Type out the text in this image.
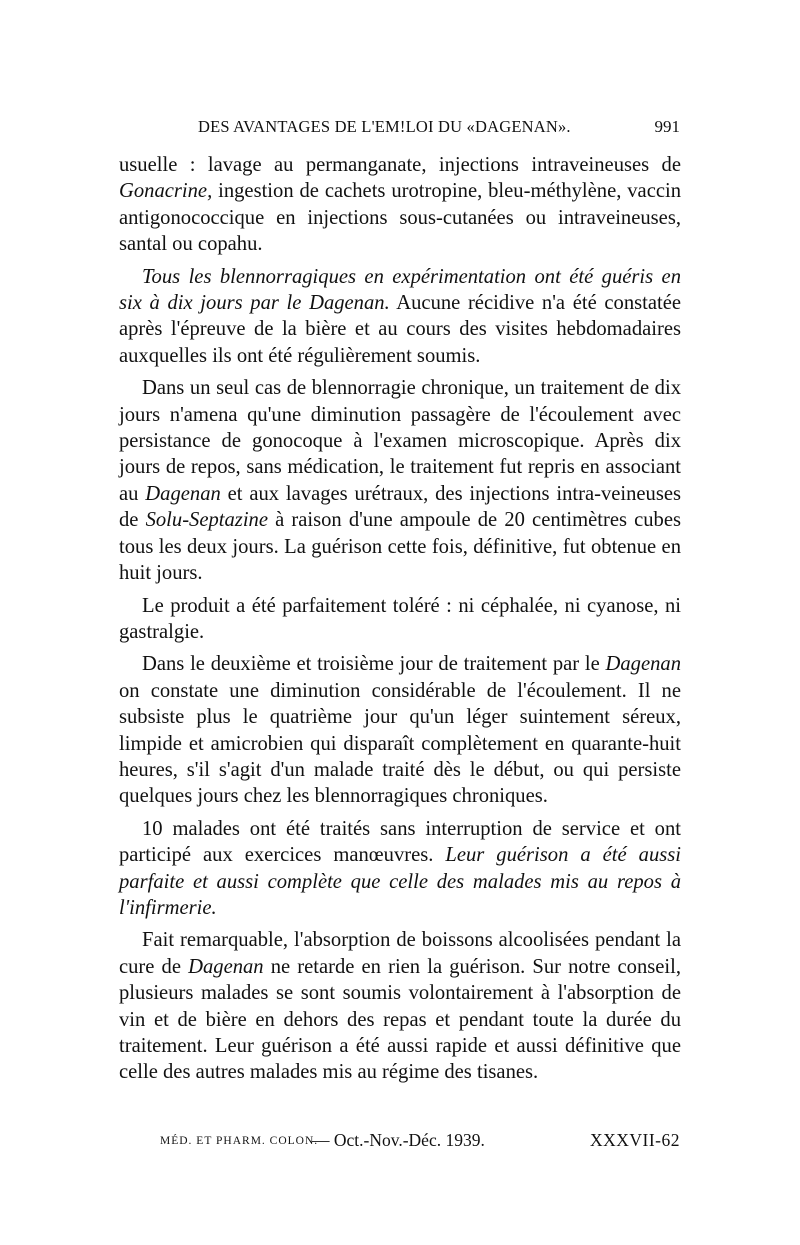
DES AVANTAGES DE L'EM!LOI DU «DAGENAN».	991

usuelle : lavage au permanganate, injections intraveineuses de Gonacrine, ingestion de cachets urotropine, bleu-méthylène, vaccin antigonococcique en injections sous-cutanées ou intraveineuses, santal ou copahu.

Tous les blennorragiques en expérimentation ont été guéris en six à dix jours par le Dagenan. Aucune récidive n'a été constatée après l'épreuve de la bière et au cours des visites hebdomadaires auxquelles ils ont été régulièrement soumis.

Dans un seul cas de blennorragie chronique, un traitement de dix jours n'amena qu'une diminution passagère de l'écoulement avec persistance de gonocoque à l'examen microscopique. Après dix jours de repos, sans médication, le traitement fut repris en associant au Dagenan et aux lavages urétraux, des injections intra-veineuses de Solu-Septazine à raison d'une ampoule de 20 centimètres cubes tous les deux jours. La guérison cette fois, définitive, fut obtenue en huit jours.

Le produit a été parfaitement toléré : ni céphalée, ni cyanose, ni gastralgie.

Dans le deuxième et troisième jour de traitement par le Dagenan on constate une diminution considérable de l'écoulement. Il ne subsiste plus le quatrième jour qu'un léger suintement séreux, limpide et amicrobien qui disparaît complètement en quarante-huit heures, s'il s'agit d'un malade traité dès le début, ou qui persiste quelques jours chez les blennorragiques chroniques.

10 malades ont été traités sans interruption de service et ont participé aux exercices manœuvres. Leur guérison a été aussi parfaite et aussi complète que celle des malades mis au repos à l'infirmerie.

Fait remarquable, l'absorption de boissons alcoolisées pendant la cure de Dagenan ne retarde en rien la guérison. Sur notre conseil, plusieurs malades se sont soumis volontairement à l'absorption de vin et de bière en dehors des repas et pendant toute la durée du traitement. Leur guérison a été aussi rapide et aussi définitive que celle des autres malades mis au régime des tisanes.

MÉD. ET PHARM. COLON.
— Oct.-Nov.-Déc. 1939.	XXXVII-62
